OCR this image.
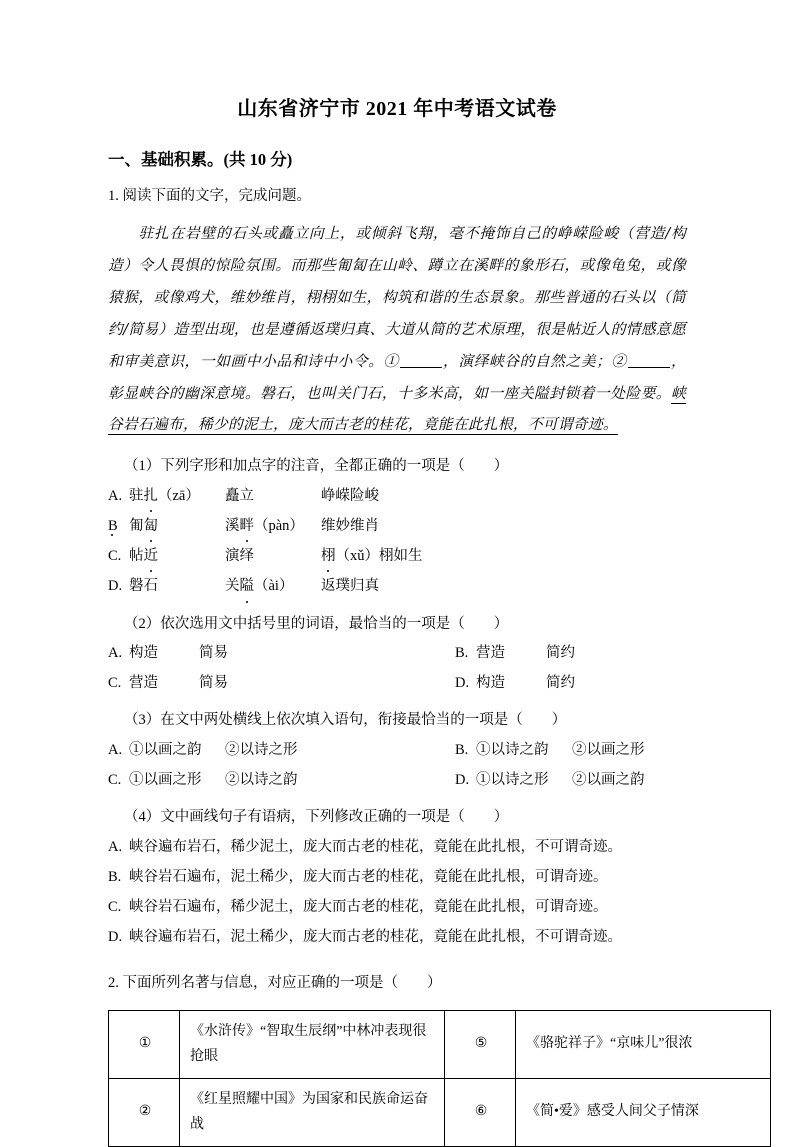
山东省济宁市 2021 年中考语文试卷
一、基础积累。(共 10 分)
1. 阅读下面的文字，完成问题。
驻扎在岩壁的石头或矗立向上，或倾斜飞翔，毫不掩饰自己的峥嵘险峻（营造/构造）令人畏惧的惊险氛围。而那些匍匐在山岭、蹲立在溪畔的象形石，或像龟兔，或像猿猴，或像鸡犬，维妙维肖，栩栩如生，构筑和谐的生态景象。那些普通的石头以（简约/简易）造型出现，也是遵循返璞归真、大道从简的艺术原理，很是帖近人的情感意愿和审美意识，一如画中小品和诗中小令。①	，演绎峡谷的自然之美；②	，彰显峡谷的幽深意境。磐石，也叫关门石，十多米高，如一座关隘封锁着一处险要。峡谷岩石遍布，稀少的泥土，庞大而古老的桂花，竟能在此扎根，不可谓奇迹。
（1）下列字形和加点字的注音，全都正确的一项是（　　）
A. 驻扎（zā） 矗立	峥嵘险峻
B 匍匐	溪畔（pàn） 维妙维肖
C. 帖近	演绎	栩（xǔ）栩如生
D. 磐石	关隘（ài） 返璞归真
（2）依次选用文中括号里的词语，最恰当的一项是（　　）
A. 构造	简易	B. 营造	简约
C. 营造	简易	D. 构造	简约
（3）在文中两处横线上依次填入语句，衔接最恰当的一项是（　　）
A. ①以画之韵 ②以诗之形	B. ①以诗之韵 ②以画之形
C. ①以画之形 ②以诗之韵	D. ①以诗之形 ②以画之韵
（4）文中画线句子有语病，下列修改正确的一项是（　　）
A. 峡谷遍布岩石，稀少泥土，庞大而古老的桂花，竟能在此扎根，不可谓奇迹。
B. 峡谷岩石遍布，泥土稀少，庞大而古老的桂花，竟能在此扎根，可谓奇迹。
C. 峡谷岩石遍布，稀少泥土，庞大而古老的桂花，竟能在此扎根，可谓奇迹。
D. 峡谷遍布岩石，泥土稀少，庞大而古老的桂花，竟能在此扎根，不可谓奇迹。
2. 下面所列名著与信息，对应正确的一项是（　　）
①	《水浒传》“智取生辰纲”中林冲表现很抢眼	⑤	《骆驼祥子》“京味儿”很浓
②	《红星照耀中国》为国家和民族命运奋战	⑥	《简•爱》感受人间父子情深
